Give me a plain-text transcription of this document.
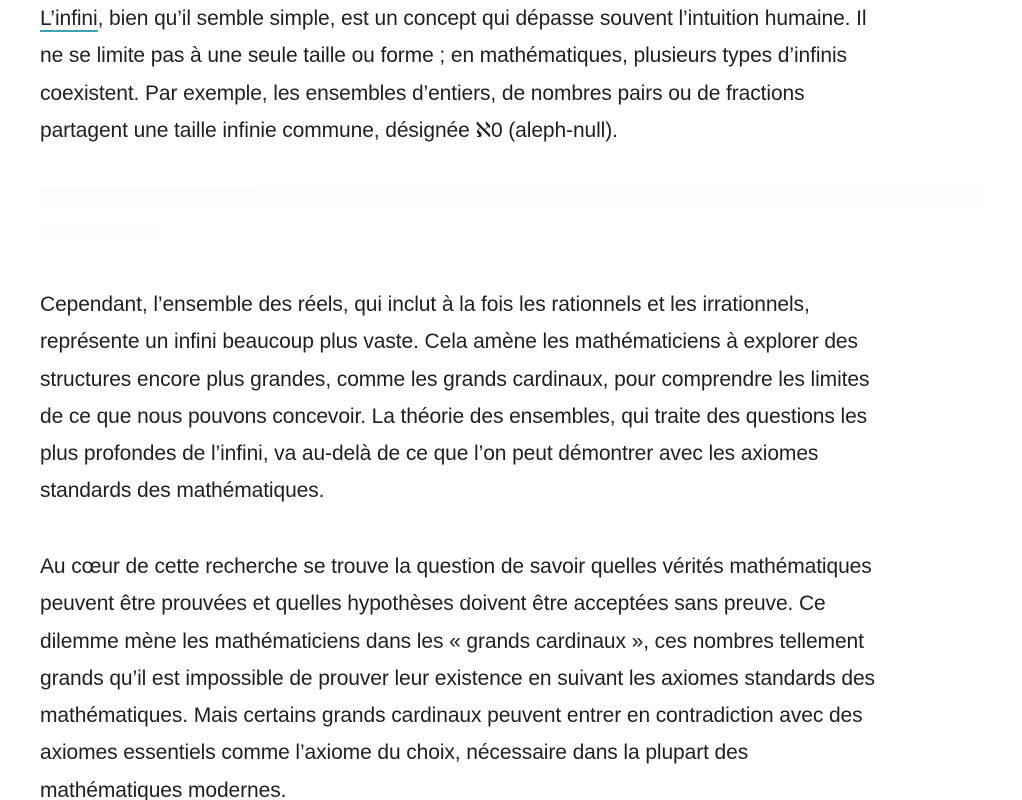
L’infini, bien qu’il semble simple, est un concept qui dépasse souvent l’intuition humaine. Il
ne se limite pas à une seule taille ou forme ; en mathématiques, plusieurs types d’infinis
coexistent. Par exemple, les ensembles d’entiers, de nombres pairs ou de fractions
partagent une taille infinie commune, désignée ℵ0 (aleph-null).

Cependant, l’ensemble des réels, qui inclut à la fois les rationnels et les irrationnels,
représente un infini beaucoup plus vaste. Cela amène les mathématiciens à explorer des
structures encore plus grandes, comme les grands cardinaux, pour comprendre les limites
de ce que nous pouvons concevoir. La théorie des ensembles, qui traite des questions les
plus profondes de l’infini, va au-delà de ce que l’on peut démontrer avec les axiomes
standards des mathématiques.

Au cœur de cette recherche se trouve la question de savoir quelles vérités mathématiques
peuvent être prouvées et quelles hypothèses doivent être acceptées sans preuve. Ce
dilemme mène les mathématiciens dans les « grands cardinaux », ces nombres tellement
grands qu’il est impossible de prouver leur existence en suivant les axiomes standards des
mathématiques. Mais certains grands cardinaux peuvent entrer en contradiction avec des
axiomes essentiels comme l’axiome du choix, nécessaire dans la plupart des
mathématiques modernes.
